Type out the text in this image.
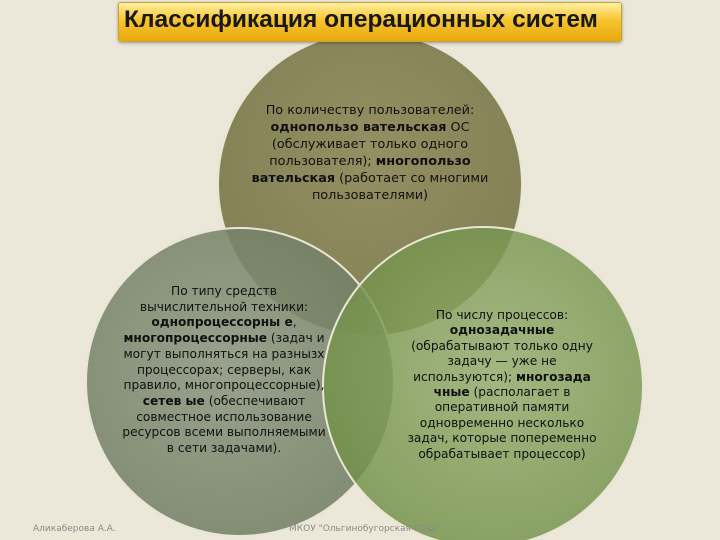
Классификация операционных систем
По количеству пользователей: однопользо вательская ОС (обслуживает только одного пользователя); многопользо вательская (работает со многими пользователями)
По типу средств вычислительной техники: однопроцессорны е, многопроцессорные (задач и могут выполняться на разнызх процессорах; серверы, как правило, многопроцессорные), сетев ые (обеспечивают совместное использование ресурсов всеми выполняемыми в сети задачами).
По числу процессов: однозадачные (обрабатывают только одну задачу — уже не используются); многозада чные (располагает в оперативной памяти одновременно несколько задач, которые попеременно обрабатывает процессор)
Аликаберова А.А.	МКОУ "Ольгинобугорская СОШ"
